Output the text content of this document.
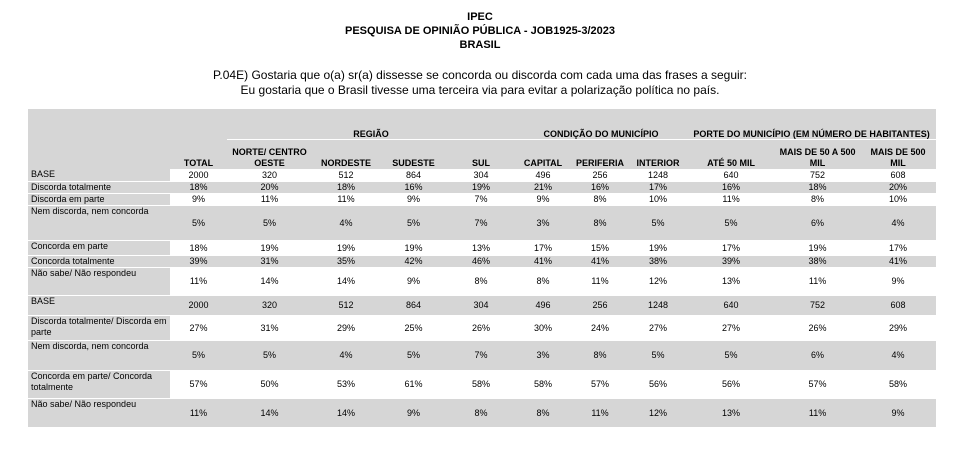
IPEC
PESQUISA DE OPINIÃO PÚBLICA - JOB1925-3/2023
BRASIL
P.04E) Gostaria que o(a) sr(a) dissesse se concorda ou discorda com cada uma das frases a seguir:
Eu gostaria que o Brasil tivesse uma terceira via para evitar a polarização política no país.
		REGIÃO				CONDIÇÃO DO MUNICÍPIO			PORTE DO MUNICÍPIO (EM NÚMERO DE HABITANTES)		
	TOTAL	NORTE/ CENTRO OESTE	NORDESTE	SUDESTE	SUL	CAPITAL	PERIFERIA	INTERIOR	ATÉ 50 MIL	MAIS DE 50 A 500 MIL	MAIS DE 500 MIL
BASE	2000	320	512	864	304	496	256	1248	640	752	608
Discorda totalmente	18%	20%	18%	16%	19%	21%	16%	17%	16%	18%	20%
Discorda em parte	9%	11%	11%	9%	7%	9%	8%	10%	11%	8%	10%
Nem discorda, nem concorda	5%	5%	4%	5%	7%	3%	8%	5%	5%	6%	4%
Concorda em parte	18%	19%	19%	19%	13%	17%	15%	19%	17%	19%	17%
Concorda totalmente	39%	31%	35%	42%	46%	41%	41%	38%	39%	38%	41%
Não sabe/ Não respondeu	11%	14%	14%	9%	8%	8%	11%	12%	13%	11%	9%
BASE	2000	320	512	864	304	496	256	1248	640	752	608
Discorda totalmente/ Discorda em parte	27%	31%	29%	25%	26%	30%	24%	27%	27%	26%	29%
Nem discorda, nem concorda	5%	5%	4%	5%	7%	3%	8%	5%	5%	6%	4%
Concorda em parte/ Concorda totalmente	57%	50%	53%	61%	58%	58%	57%	56%	56%	57%	58%
Não sabe/ Não respondeu	11%	14%	14%	9%	8%	8%	11%	12%	13%	11%	9%
